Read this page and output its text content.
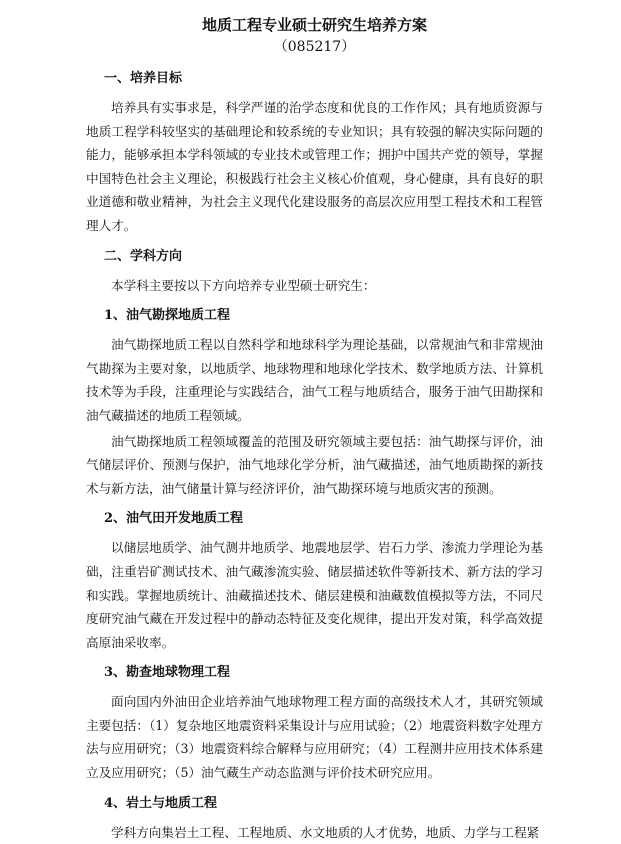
地质工程专业硕士研究生培养方案
（085217）
一、培养目标

培养具有实事求是，科学严谨的治学态度和优良的工作作风；具有地质资源与地质工程学科较坚实的基础理论和较系统的专业知识；具有较强的解决实际问题的能力，能够承担本学科领域的专业技术或管理工作；拥护中国共产党的领导，掌握中国特色社会主义理论，积极践行社会主义核心价值观，身心健康，具有良好的职业道德和敬业精神，为社会主义现代化建设服务的高层次应用型工程技术和工程管理人才。

二、学科方向

本学科主要按以下方向培养专业型硕士研究生：

1、油气勘探地质工程

油气勘探地质工程以自然科学和地球科学为理论基础，以常规油气和非常规油气勘探为主要对象，以地质学、地球物理和地球化学技术、数学地质方法、计算机技术等为手段，注重理论与实践结合，油气工程与地质结合，服务于油气田勘探和油气藏描述的地质工程领域。

油气勘探地质工程领域覆盖的范围及研究领域主要包括：油气勘探与评价，油气储层评价、预测与保护，油气地球化学分析，油气藏描述，油气地质勘探的新技术与新方法，油气储量计算与经济评价，油气勘探环境与地质灾害的预测。

2、油气田开发地质工程

以储层地质学、油气测井地质学、地震地层学、岩石力学、渗流力学理论为基础，注重岩矿测试技术、油气藏渗流实验、储层描述软件等新技术、新方法的学习和实践。掌握地质统计、油藏描述技术、储层建模和油藏数值模拟等方法，不同尺度研究油气藏在开发过程中的静动态特征及变化规律，提出开发对策，科学高效提高原油采收率。

3、勘查地球物理工程

面向国内外油田企业培养油气地球物理工程方面的高级技术人才，其研究领域主要包括：（1）复杂地区地震资料采集设计与应用试验；（2）地震资料数字处理方法与应用研究；（3）地震资料综合解释与应用研究；（4）工程测井应用技术体系建立及应用研究；（5）油气藏生产动态监测与评价技术研究应用。

4、岩土与地质工程

学科方向集岩土工程、工程地质、水文地质的人才优势，地质、力学与工程紧
